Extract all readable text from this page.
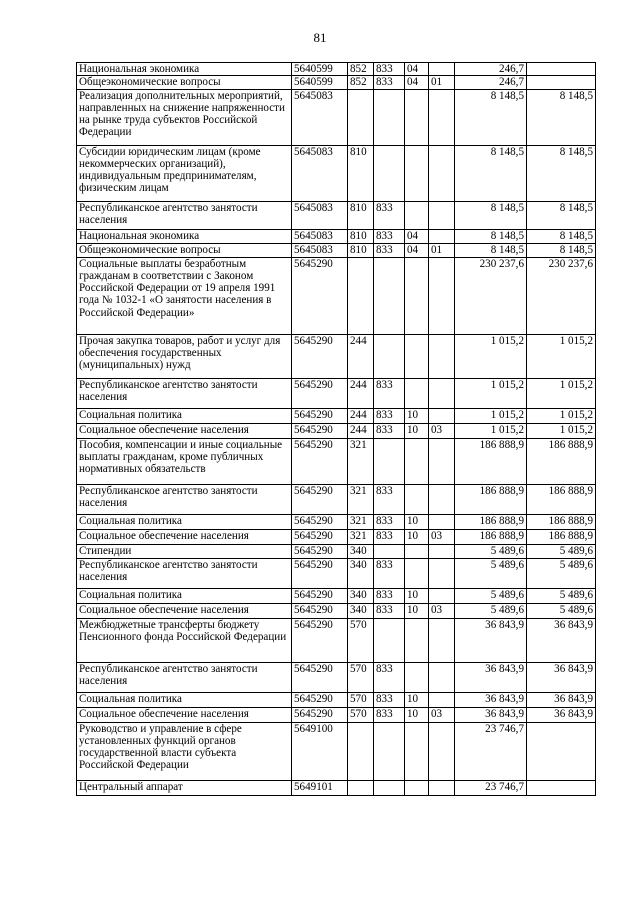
81
Национальная экономика	5640599	852	833	04		246,7	
Общеэкономические вопросы	5640599	852	833	04	01	246,7	
Реализация дополнительных мероприятий, направленных на снижение напряженности на рынке труда субъектов Российской Федерации	5645083					8 148,5	8 148,5
Субсидии юридическим лицам (кроме некоммерческих организаций), индивидуальным предпринимателям, физическим лицам	5645083	810				8 148,5	8 148,5
Республиканское агентство занятости населения	5645083	810	833			8 148,5	8 148,5
Национальная экономика	5645083	810	833	04		8 148,5	8 148,5
Общеэкономические вопросы	5645083	810	833	04	01	8 148,5	8 148,5
Социальные выплаты безработным гражданам в соответствии с Законом Российской Федерации от 19 апреля 1991 года № 1032-1 «О занятости населения в Российской Федерации»	5645290					230 237,6	230 237,6
Прочая закупка товаров, работ и услуг для обеспечения государственных (муниципальных) нужд	5645290	244				1 015,2	1 015,2
Республиканское агентство занятости населения	5645290	244	833			1 015,2	1 015,2
Социальная политика	5645290	244	833	10		1 015,2	1 015,2
Социальное обеспечение населения	5645290	244	833	10	03	1 015,2	1 015,2
Пособия, компенсации и иные социальные выплаты гражданам, кроме публичных нормативных обязательств	5645290	321				186 888,9	186 888,9
Республиканское агентство занятости населения	5645290	321	833			186 888,9	186 888,9
Социальная политика	5645290	321	833	10		186 888,9	186 888,9
Социальное обеспечение населения	5645290	321	833	10	03	186 888,9	186 888,9
Стипендии	5645290	340				5 489,6	5 489,6
Республиканское агентство занятости населения	5645290	340	833			5 489,6	5 489,6
Социальная политика	5645290	340	833	10		5 489,6	5 489,6
Социальное обеспечение населения	5645290	340	833	10	03	5 489,6	5 489,6
Межбюджетные трансферты бюджету Пенсионного фонда Российской Федерации	5645290	570				36 843,9	36 843,9
Республиканское агентство занятости населения	5645290	570	833			36 843,9	36 843,9
Социальная политика	5645290	570	833	10		36 843,9	36 843,9
Социальное обеспечение населения	5645290	570	833	10	03	36 843,9	36 843,9
Руководство и управление в сфере установленных функций органов государственной власти субъекта Российской Федерации	5649100					23 746,7	
Центральный аппарат	5649101					23 746,7	
